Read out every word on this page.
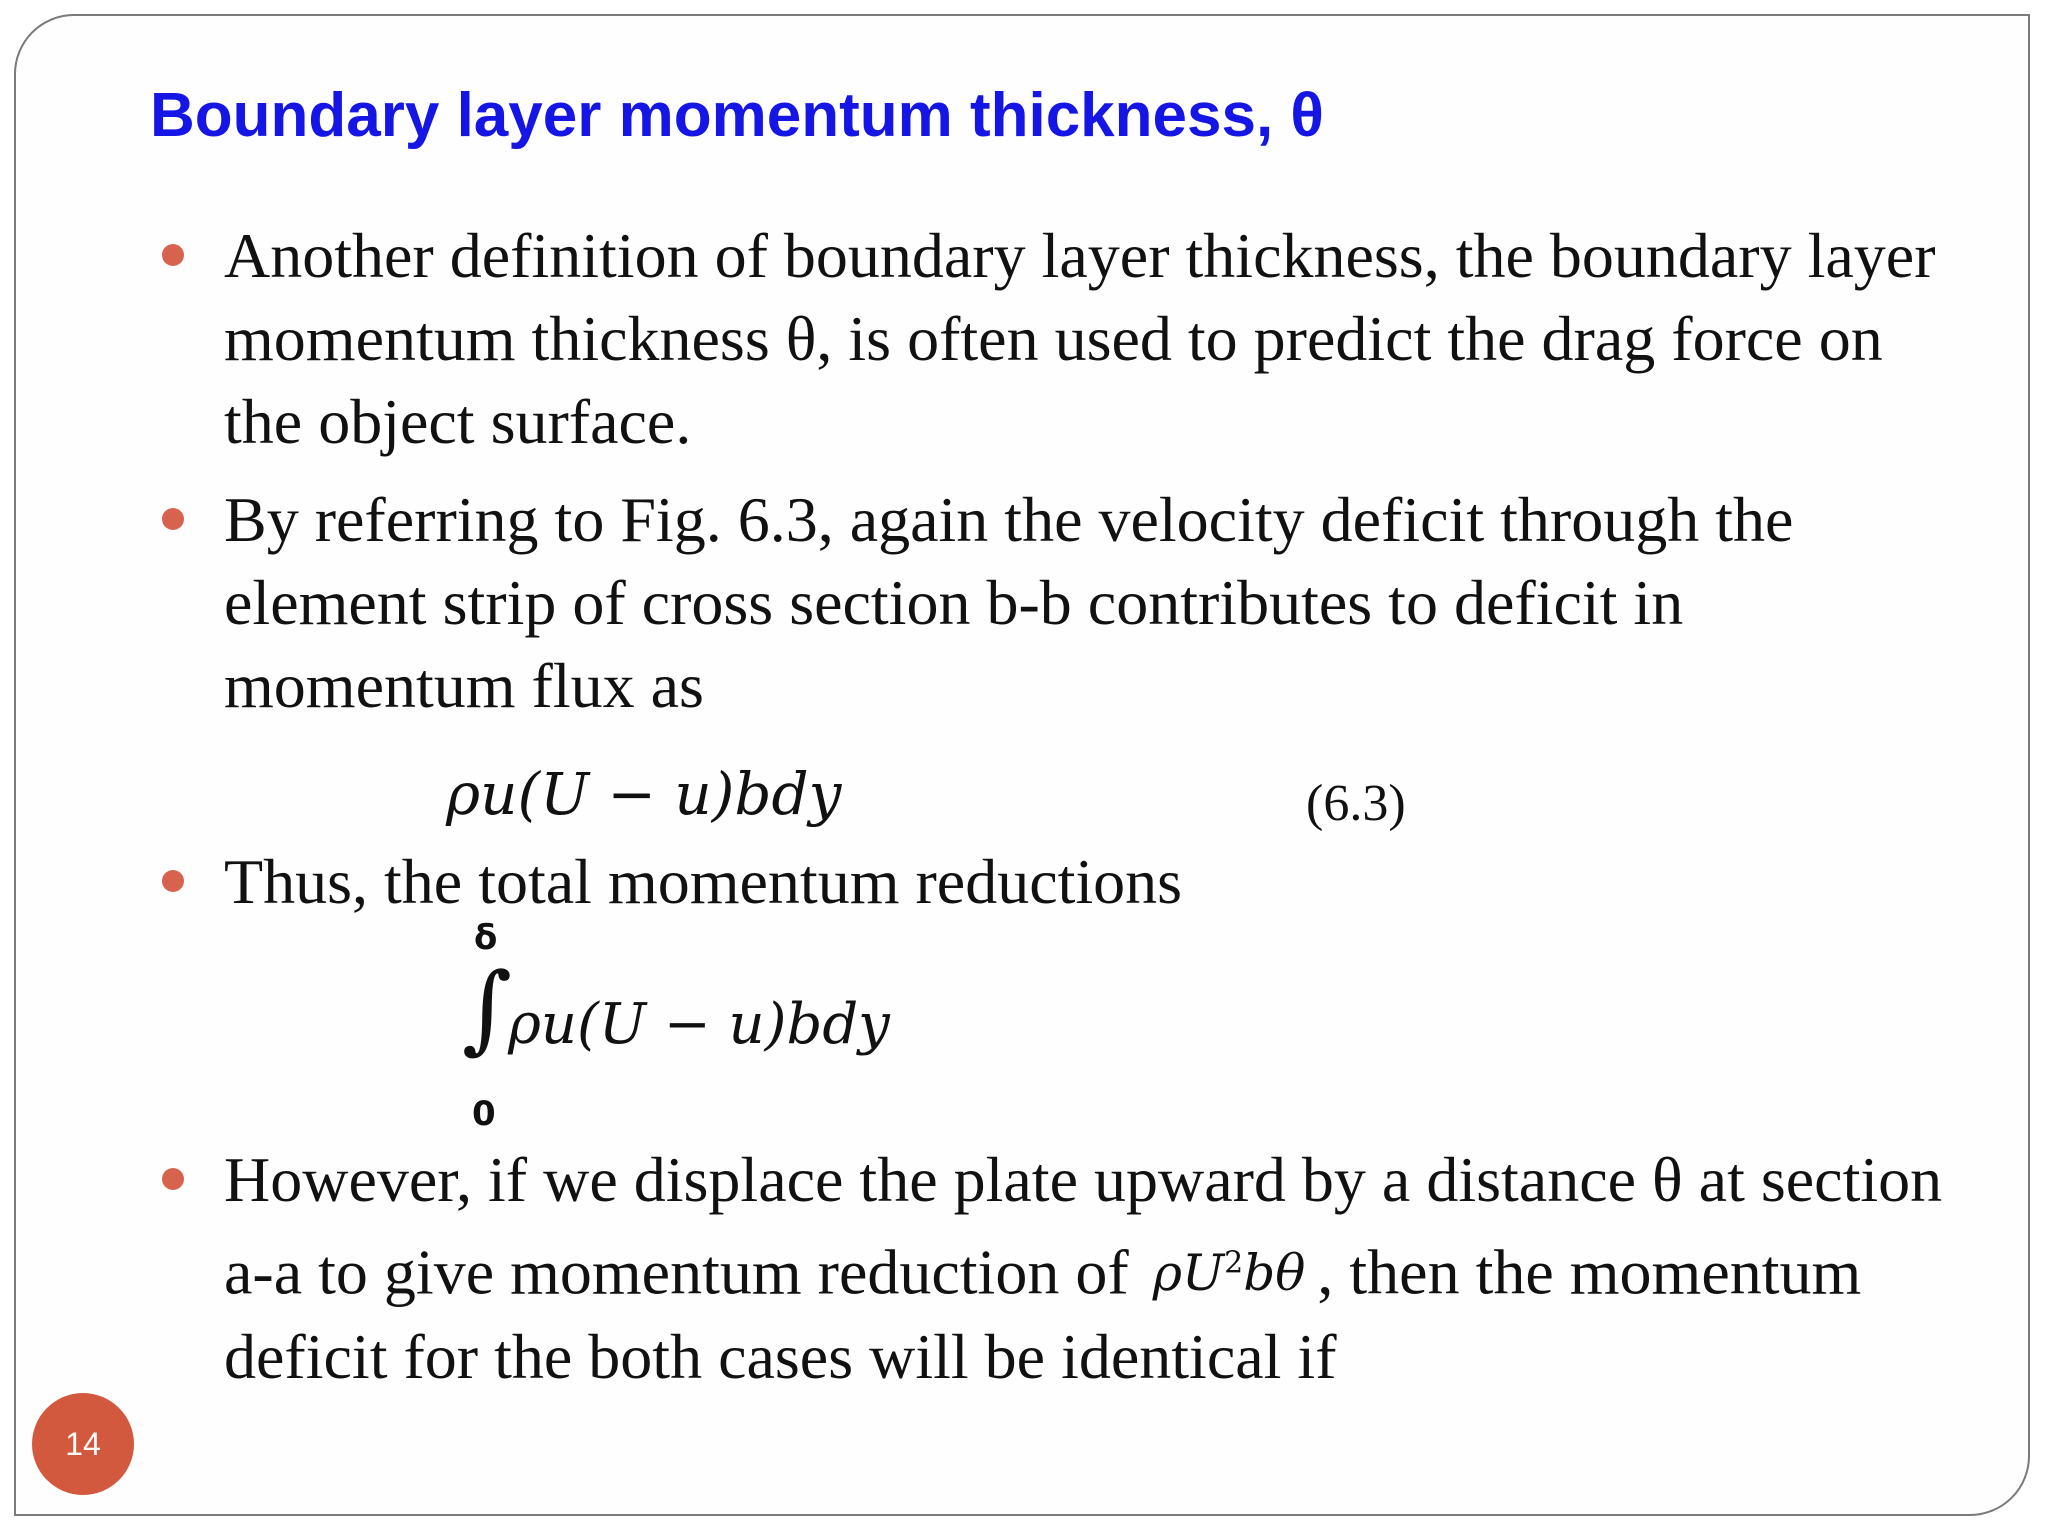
Boundary layer momentum thickness, θ
Another definition of boundary layer thickness, the boundary layer momentum thickness θ, is often used to predict the drag force on the object surface.
By referring to Fig. 6.3, again the velocity deficit through the element strip of cross section b-b contributes to deficit in momentum flux as
ρu(U − u)bdy	(6.3)
Thus, the total momentum reductions
δ
∫
ρu(U − u)bdy
0
However, if we displace the plate upward by a distance θ at section a-a to give momentum reduction of $\rho U^2b\theta$ , then the momentum deficit for the both cases will be identical if
14
